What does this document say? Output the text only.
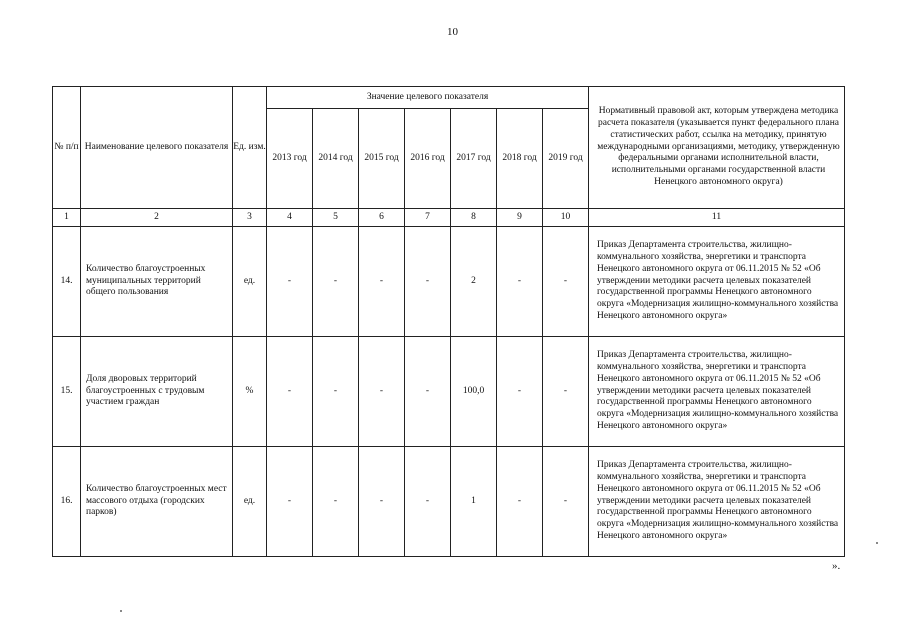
10
№ п/п	Наименование целевого показателя	Ед. изм.	Значение целевого показателя							Нормативный правовой акт, которым утверждена методика расчета показателя (указывается пункт федерального плана статистических работ, ссылка на методику, принятую международными организациями, методику, утвержденную федеральными органами исполнительной власти, исполнительными органами государственной власти Ненецкого автономного округа)
			2013 год	2014 год	2015 год	2016 год	2017 год	2018 год	2019 год	
1	2	3	4	5	6	7	8	9	10	11
14.	Количество благоустроенных муниципальных территорий общего пользования	ед.	-	-	-	-	2	-	-	Приказ Департамента строительства, жилищно-коммунального хозяйства, энергетики и транспорта Ненецкого автономного округа от 06.11.2015 № 52 «Об утверждении методики расчета целевых показателей государственной программы Ненецкого автономного округа «Модернизация жилищно-коммунального хозяйства Ненецкого автономного округа»
15.	Доля дворовых территорий благоустроенных с трудовым участием граждан	%	-	-	-	-	100,0	-	-	Приказ Департамента строительства, жилищно-коммунального хозяйства, энергетики и транспорта Ненецкого автономного округа от 06.11.2015 № 52 «Об утверждении методики расчета целевых показателей государственной программы Ненецкого автономного округа «Модернизация жилищно-коммунального хозяйства Ненецкого автономного округа»
16.	Количество благоустроенных мест массового отдыха (городских парков)	ед.	-	-	-	-	1	-	-	Приказ Департамента строительства, жилищно-коммунального хозяйства, энергетики и транспорта Ненецкого автономного округа от 06.11.2015 № 52 «Об утверждении методики расчета целевых показателей государственной программы Ненецкого автономного округа «Модернизация жилищно-коммунального хозяйства Ненецкого автономного округа»
».
